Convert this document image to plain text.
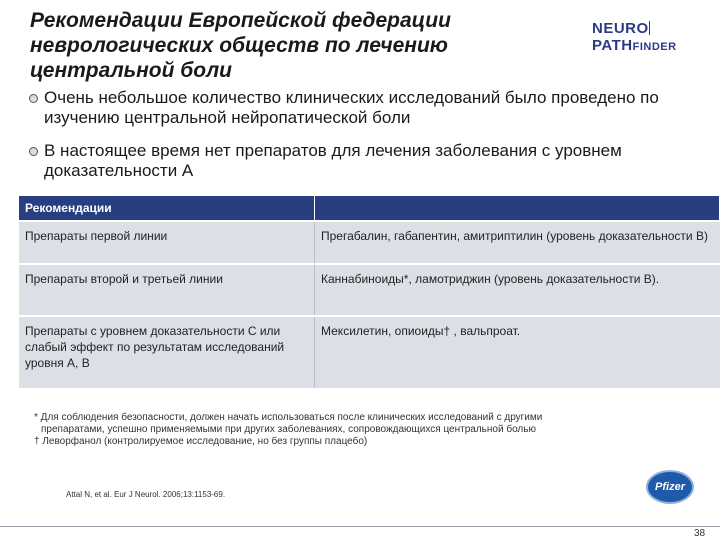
Рекомендации Европейской федерации неврологических обществ по лечению центральной боли
NEUROPATHFINDER
Очень небольшое количество клинических исследований было проведено по изучению центральной нейропатической боли
В настоящее время нет препаратов для лечения заболевания с уровнем доказательности А
Рекомендации	
Препараты первой линии	Прегабалин, габапентин, амитриптилин (уровень доказательности В)
Препараты второй и третьей линии	Каннабиноиды*, ламотриджин (уровень доказательности В).
Препараты с уровнем доказательности С или слабый эффект по результатам исследований уровня А, В	Мексилетин, опиоиды† , вальпроат.

* Для соблюдения безопасности, должен начать использоваться после клинических исследований с другими

препаратами, успешно применяемыми при других заболеваниях, сопровождающихся центральной болью

† Леворфанол (контролируемое исследование, но без группы плацебо)

Attal N, et al. Eur J Neurol. 2006;13:1153-69.
Pfizer
38
